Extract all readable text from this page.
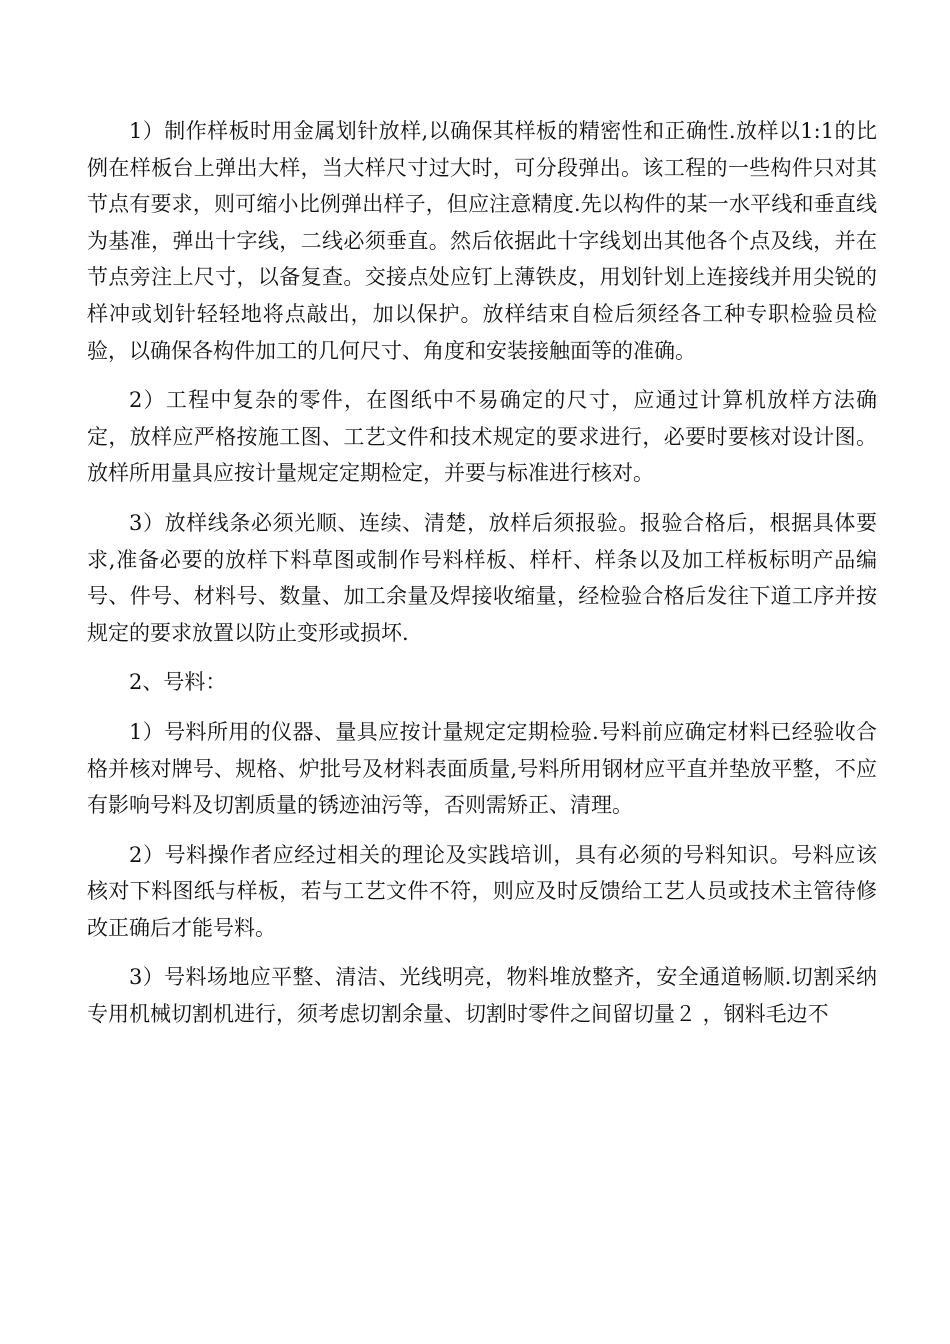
1）制作样板时用金属划针放样,以确保其样板的精密性和正确性.放样以1:1的比例在样板台上弹出大样，当大样尺寸过大时，可分段弹出。该工程的一些构件只对其节点有要求，则可缩小比例弹出样子，但应注意精度.先以构件的某一水平线和垂直线为基准，弹出十字线，二线必须垂直。然后依据此十字线划出其他各个点及线，并在节点旁注上尺寸，以备复查。交接点处应钉上薄铁皮，用划针划上连接线并用尖锐的样冲或划针轻轻地将点敲出，加以保护。放样结束自检后须经各工种专职检验员检验，以确保各构件加工的几何尺寸、角度和安装接触面等的准确。

2）工程中复杂的零件，在图纸中不易确定的尺寸，应通过计算机放样方法确定，放样应严格按施工图、工艺文件和技术规定的要求进行，必要时要核对设计图。放样所用量具应按计量规定定期检定，并要与标准进行核对。

3）放样线条必须光顺、连续、清楚，放样后须报验。报验合格后，根据具体要求,准备必要的放样下料草图或制作号料样板、样杆、样条以及加工样板标明产品编号、件号、材料号、数量、加工余量及焊接收缩量，经检验合格后发往下道工序并按规定的要求放置以防止变形或损坏.

2、号料：

1）号料所用的仪器、量具应按计量规定定期检验.号料前应确定材料已经验收合格并核对牌号、规格、炉批号及材料表面质量,号料所用钢材应平直并垫放平整，不应有影响号料及切割质量的锈迹油污等，否则需矫正、清理。

2）号料操作者应经过相关的理论及实践培训，具有必须的号料知识。号料应该核对下料图纸与样板，若与工艺文件不符，则应及时反馈给工艺人员或技术主管待修改正确后才能号料。

3）号料场地应平整、清洁、光线明亮，物料堆放整齐，安全通道畅顺.切割采纳专用机械切割机进行，须考虑切割余量、切割时零件之间留切量２ ，钢料毛边不
